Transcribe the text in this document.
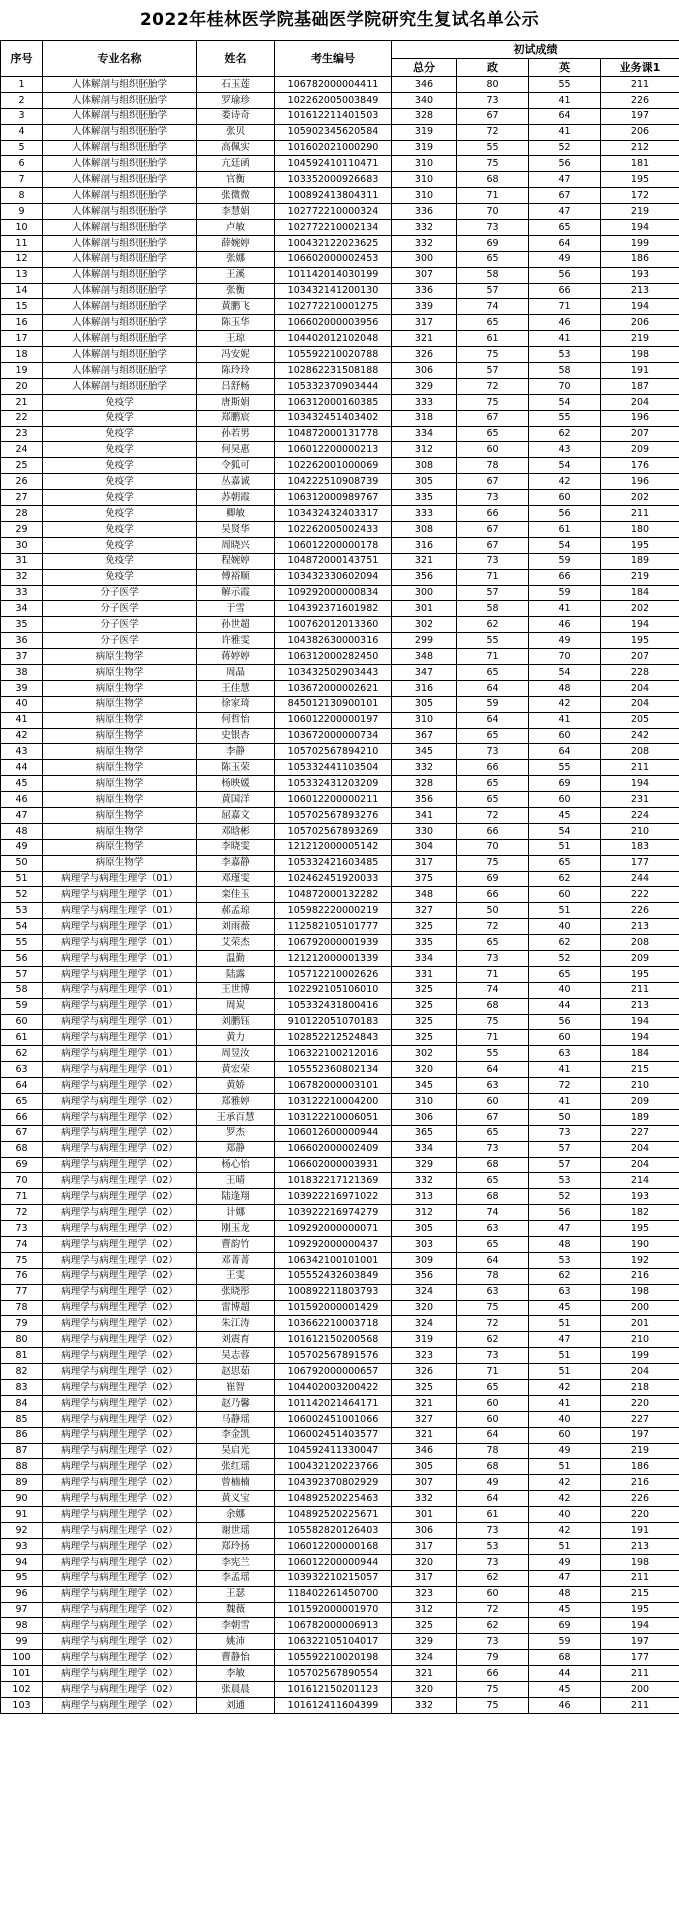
2022年桂林医学院基础医学院研究生复试名单公示
序号	专业名称	姓名	考生编号	初试成绩			
				总分	政	英	业务课1
1	人体解剖与组织胚胎学	石玉莲	106782000004411	346	80	55	211
2	人体解剖与组织胚胎学	罗瑜珍	102262005003849	340	73	41	226
3	人体解剖与组织胚胎学	娄诗奇	101612211401503	328	67	64	197
4	人体解剖与组织胚胎学	张贝	105902345620584	319	72	41	206
5	人体解剖与组织胚胎学	高佩实	101602021000290	319	55	52	212
6	人体解剖与组织胚胎学	亢廷函	104592410110471	310	75	56	181
7	人体解剖与组织胚胎学	官衡	103352000926683	310	68	47	195
8	人体解剖与组织胚胎学	张微微	100892413804311	310	71	67	172
9	人体解剖与组织胚胎学	李慧娟	102772210000324	336	70	47	219
10	人体解剖与组织胚胎学	卢敏	102772210002134	332	73	65	194
11	人体解剖与组织胚胎学	薛婉婷	100432122023625	332	69	64	199
12	人体解剖与组织胚胎学	张娜	106602000002453	300	65	49	186
13	人体解剖与组织胚胎学	王溪	101142014030199	307	58	56	193
14	人体解剖与组织胚胎学	张衡	103432141200130	336	57	66	213
15	人体解剖与组织胚胎学	黄鹏飞	102772210001275	339	74	71	194
16	人体解剖与组织胚胎学	陈玉华	106602000003956	317	65	46	206
17	人体解剖与组织胚胎学	王琼	104402012102048	321	61	41	219
18	人体解剖与组织胚胎学	冯安妮	105592210020788	326	75	53	198
19	人体解剖与组织胚胎学	陈玲玲	102862231508188	306	57	58	191
20	人体解剖与组织胚胎学	吕舒畅	105332370903444	329	72	70	187
21	免疫学	唐斯娟	106312000160385	333	75	54	204
22	免疫学	郑鹏宸	103432451403402	318	67	55	196
23	免疫学	孙若男	104872000131778	334	65	62	207
24	免疫学	何昊惠	106012200000213	312	60	43	209
25	免疫学	令狐可	102262001000069	308	78	54	176
26	免疫学	丛嘉诚	104222510908739	305	67	42	196
27	免疫学	苏朝霞	106312000989767	335	73	60	202
28	免疫学	卿敏	103432432403317	333	66	56	211
29	免疫学	吴贤华	102262005002433	308	67	61	180
30	免疫学	周晓兴	106012200000178	316	67	54	195
31	免疫学	程婉婷	104872000143751	321	73	59	189
32	免疫学	傅裕顺	103432330602094	356	71	66	219
33	分子医学	解示霞	109292000000834	300	57	59	184
34	分子医学	于雪	104392371601982	301	58	41	202
35	分子医学	孙世超	100762012013360	302	62	46	194
36	分子医学	许雅雯	104382630000316	299	55	49	195
37	病原生物学	蒋婷婷	106312000282450	348	71	70	207
38	病原生物学	周晶	103432502903443	347	65	54	228
39	病原生物学	王佳慧	103672000002621	316	64	48	204
40	病原生物学	徐家琦	845012130900101	305	59	42	204
41	病原生物学	何哲怡	106012200000197	310	64	41	205
42	病原生物学	史银杏	103672000000734	367	65	60	242
43	病原生物学	李静	105702567894210	345	73	64	208
44	病原生物学	陈玉荣	105332441103504	332	66	55	211
45	病原生物学	杨映媛	105332431203209	328	65	69	194
46	病原生物学	黄国洋	106012200000211	356	65	60	231
47	病原生物学	屈嘉文	105702567893276	341	72	45	224
48	病原生物学	邓晗彬	105702567893269	330	66	54	210
49	病原生物学	李晓雯	121212000005142	304	70	51	183
50	病原生物学	李嘉静	105332421603485	317	75	65	177
51	病理学与病理生理学（01）	邓瑾雯	102462451920033	375	69	62	244
52	病理学与病理生理学（01）	栾佳玉	104872000132282	348	66	60	222
53	病理学与病理生理学（01）	郝孟琼	105982220000219	327	50	51	226
54	病理学与病理生理学（01）	刘雨薇	112582105101777	325	72	40	213
55	病理学与病理生理学（01）	艾荣杰	106792000001939	335	65	62	208
56	病理学与病理生理学（01）	温勤	121212000001339	334	73	52	209
57	病理学与病理生理学（01）	陆露	105712210002626	331	71	65	195
58	病理学与病理生理学（01）	王世博	102292105106010	325	74	40	211
59	病理学与病理生理学（01）	周炭	105332431800416	325	68	44	213
60	病理学与病理生理学（01）	刘鹏钰	910122051070183	325	75	56	194
61	病理学与病理生理学（01）	黄力	102852212524843	325	71	60	194
62	病理学与病理生理学（01）	周昱汝	106322100212016	302	55	63	184
63	病理学与病理生理学（01）	黄宏荣	105552360802134	320	64	41	215
64	病理学与病理生理学（02）	黄娇	106782000003101	345	63	72	210
65	病理学与病理生理学（02）	郑雅婷	103122210004200	310	60	41	209
66	病理学与病理生理学（02）	王承百慧	103122210006051	306	67	50	189
67	病理学与病理生理学（02）	罗杰	106012600000944	365	65	73	227
68	病理学与病理生理学（02）	郑静	106602000002409	334	73	57	204
69	病理学与病理生理学（02）	杨心怡	106602000003931	329	68	57	204
70	病理学与病理生理学（02）	王晴	101832217121369	332	65	53	214
71	病理学与病理生理学（02）	陆逢翔	103922216971022	313	68	52	193
72	病理学与病理生理学（02）	计娜	103922216974279	312	74	56	182
73	病理学与病理生理学（02）	刚玉龙	109292000000071	305	63	47	195
74	病理学与病理生理学（02）	曹韵竹	109292000000437	303	65	48	190
75	病理学与病理生理学（02）	邓菁菁	106342100101001	309	64	53	192
76	病理学与病理生理学（02）	王雯	105552432603849	356	78	62	216
77	病理学与病理生理学（02）	张晓彤	100892211803793	324	63	63	198
78	病理学与病理生理学（02）	雷博超	101592000001429	320	75	45	200
79	病理学与病理生理学（02）	朱江涛	103662210003718	324	72	51	201
80	病理学与病理生理学（02）	刘震育	101612150200568	319	62	47	210
81	病理学与病理生理学（02）	吴志蓉	105702567891576	323	73	51	199
82	病理学与病理生理学（02）	赵思茹	106792000000657	326	71	51	204
83	病理学与病理生理学（02）	崔智	104402003200422	325	65	42	218
84	病理学与病理生理学（02）	赵乃馨	101142021464171	321	60	41	220
85	病理学与病理生理学（02）	马静瑶	106002451001066	327	60	40	227
86	病理学与病理生理学（02）	李金凯	106002451403577	321	64	60	197
87	病理学与病理生理学（02）	吴启光	104592411330047	346	78	49	219
88	病理学与病理生理学（02）	张红瑶	100432120223766	305	68	51	186
89	病理学与病理生理学（02）	曾楠楠	104392370802929	307	49	42	216
90	病理学与病理生理学（02）	黄义宝	104892520225463	332	64	42	226
91	病理学与病理生理学（02）	余娜	104892520225671	301	61	40	220
92	病理学与病理生理学（02）	谢世瑶	105582820126403	306	73	42	191
93	病理学与病理生理学（02）	郑玲扬	106012200000168	317	53	51	213
94	病理学与病理生理学（02）	李宪兰	106012200000944	320	73	49	198
95	病理学与病理生理学（02）	李孟瑶	103932210215057	317	62	47	211
96	病理学与病理生理学（02）	王瑟	118402261450700	323	60	48	215
97	病理学与病理生理学（02）	魏薇	101592000001970	312	72	45	195
98	病理学与病理生理学（02）	李朝雪	106782000006913	325	62	69	194
99	病理学与病理生理学（02）	姚沛	106322105104017	329	73	59	197
100	病理学与病理生理学（02）	曹静怡	105592210020198	324	79	68	177
101	病理学与病理生理学（02）	李敏	105702567890554	321	66	44	211
102	病理学与病理生理学（02）	张晨晨	101612150201123	320	75	45	200
103	病理学与病理生理学（02）	刘通	101612411604399	332	75	46	211
